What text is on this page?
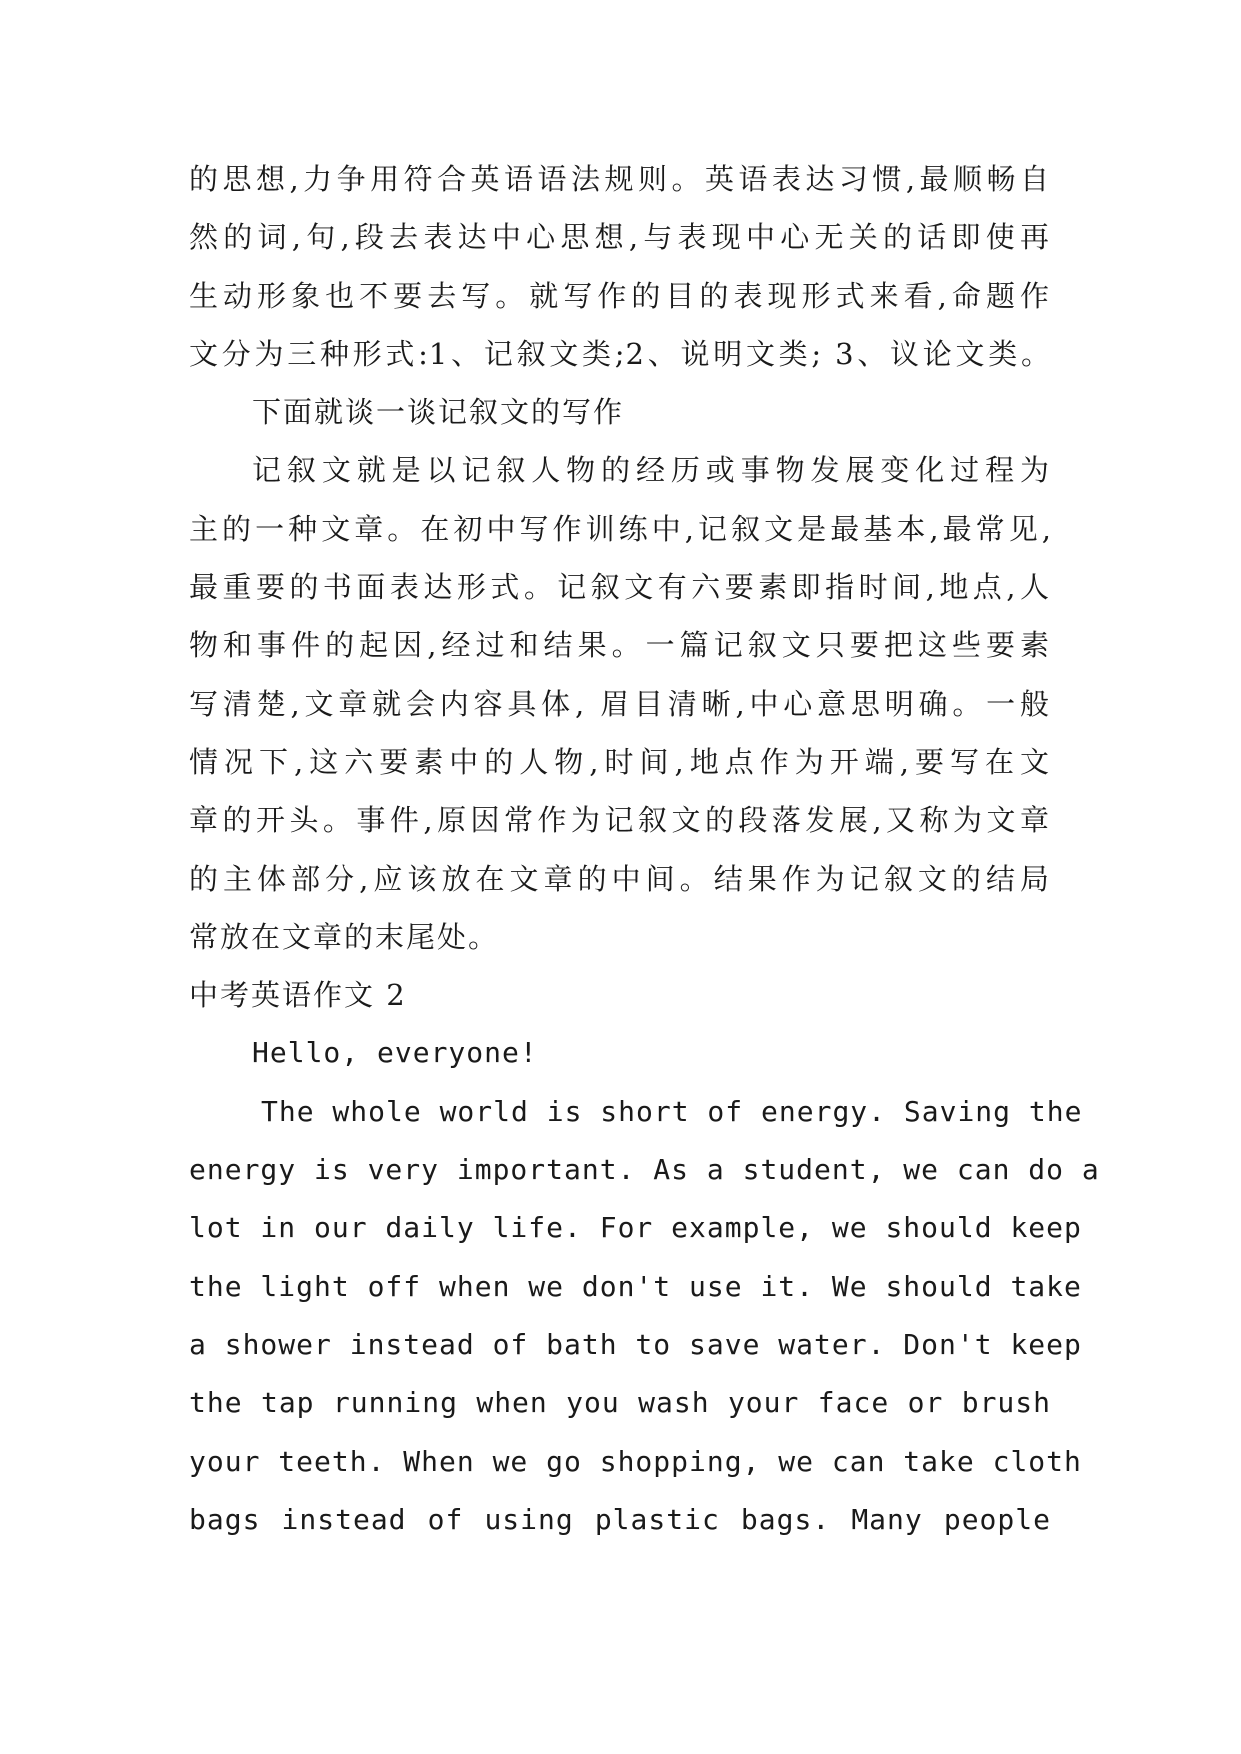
的思想,力争用符合英语语法规则。英语表达习惯,最顺畅自
然的词,句,段去表达中心思想,与表现中心无关的话即使再
生动形象也不要去写。就写作的目的表现形式来看,命题作
文分为三种形式:1、记叙文类;2、说明文类; 3、议论文类。
下面就谈一谈记叙文的写作
记叙文就是以记叙人物的经历或事物发展变化过程为
主的一种文章。在初中写作训练中,记叙文是最基本,最常见,
最重要的书面表达形式。记叙文有六要素即指时间,地点,人
物和事件的起因,经过和结果。一篇记叙文只要把这些要素
写清楚,文章就会内容具体, 眉目清晰,中心意思明确。一般
情况下,这六要素中的人物,时间,地点作为开端,要写在文
章的开头。事件,原因常作为记叙文的段落发展,又称为文章
的主体部分,应该放在文章的中间。结果作为记叙文的结局
常放在文章的末尾处。
中考英语作文 2
Hello, everyone!
The whole world is short of energy. Saving the
energy is very important. As a student, we can do a
lot in our daily life. For example, we should keep
the light off when we don't use it. We should take
a shower instead of bath to save water. Don't keep
the tap running when you wash your face or brush
your teeth. When we go shopping, we can take cloth
bags instead of using plastic bags. Many people
